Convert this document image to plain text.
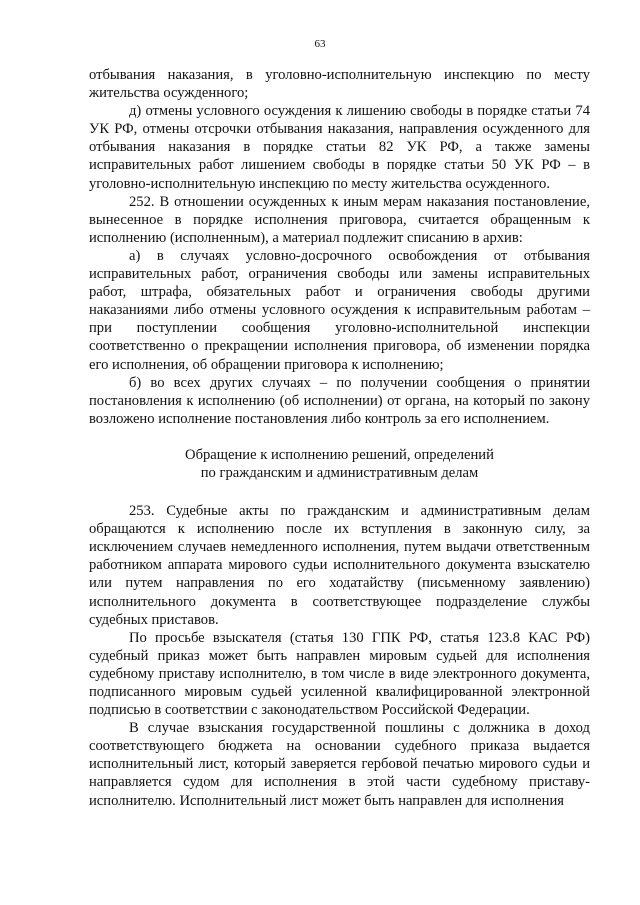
63

отбывания наказания, в уголовно-исполнительную инспекцию по месту жительства осужденного;

д) отмены условного осуждения к лишению свободы в порядке статьи 74 УК РФ, отмены отсрочки отбывания наказания, направления осужденного для отбывания наказания в порядке статьи 82 УК РФ, а также замены исправительных работ лишением свободы в порядке статьи 50 УК РФ – в уголовно-исполнительную инспекцию по месту жительства осужденного.

252. В отношении осужденных к иным мерам наказания постановление, вынесенное в порядке исполнения приговора, считается обращенным к исполнению (исполненным), а материал подлежит списанию в архив:

а) в случаях условно-досрочного освобождения от отбывания исправительных работ, ограничения свободы или замены исправительных работ, штрафа, обязательных работ и ограничения свободы другими наказаниями либо отмены условного осуждения к исправительным работам – при поступлении сообщения уголовно-исполнительной инспекции соответственно о прекращении исполнения приговора, об изменении порядка его исполнения, об обращении приговора к исполнению;

б) во всех других случаях – по получении сообщения о принятии постановления к исполнению (об исполнении) от органа, на который по закону возложено исполнение постановления либо контроль за его исполнением.

Обращение к исполнению решений, определений

по гражданским и административным делам

253. Судебные акты по гражданским и административным делам обращаются к исполнению после их вступления в законную силу, за исключением случаев немедленного исполнения, путем выдачи ответственным работником аппарата мирового судьи исполнительного документа взыскателю или путем направления по его ходатайству (письменному заявлению) исполнительного документа в соответствующее подразделение службы судебных приставов.

По просьбе взыскателя (статья 130 ГПК РФ, статья 123.8 КАС РФ) судебный приказ может быть направлен мировым судьей для исполнения судебному приставу исполнителю, в том числе в виде электронного документа, подписанного мировым судьей усиленной квалифицированной электронной подписью в соответствии с законодательством Российской Федерации.

В случае взыскания государственной пошлины с должника в доход соответствующего бюджета на основании судебного приказа выдается исполнительный лист, который заверяется гербовой печатью мирового судьи и направляется судом для исполнения в этой части судебному приставу-исполнителю. Исполнительный лист может быть направлен для исполнения
